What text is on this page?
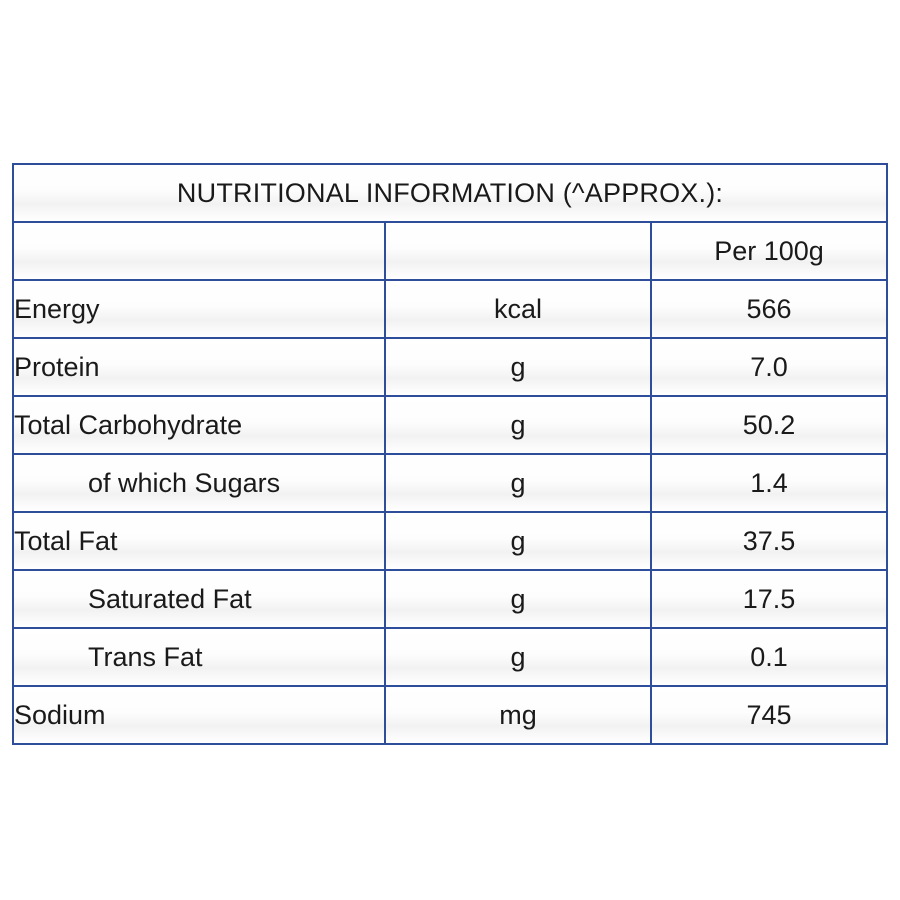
NUTRITIONAL INFORMATION (^APPROX.):		
		Per 100g
Energy	kcal	566
Protein	g	7.0
Total Carbohydrate	g	50.2
of which Sugars	g	1.4
Total Fat	g	37.5
Saturated Fat	g	17.5
Trans Fat	g	0.1
Sodium	mg	745
